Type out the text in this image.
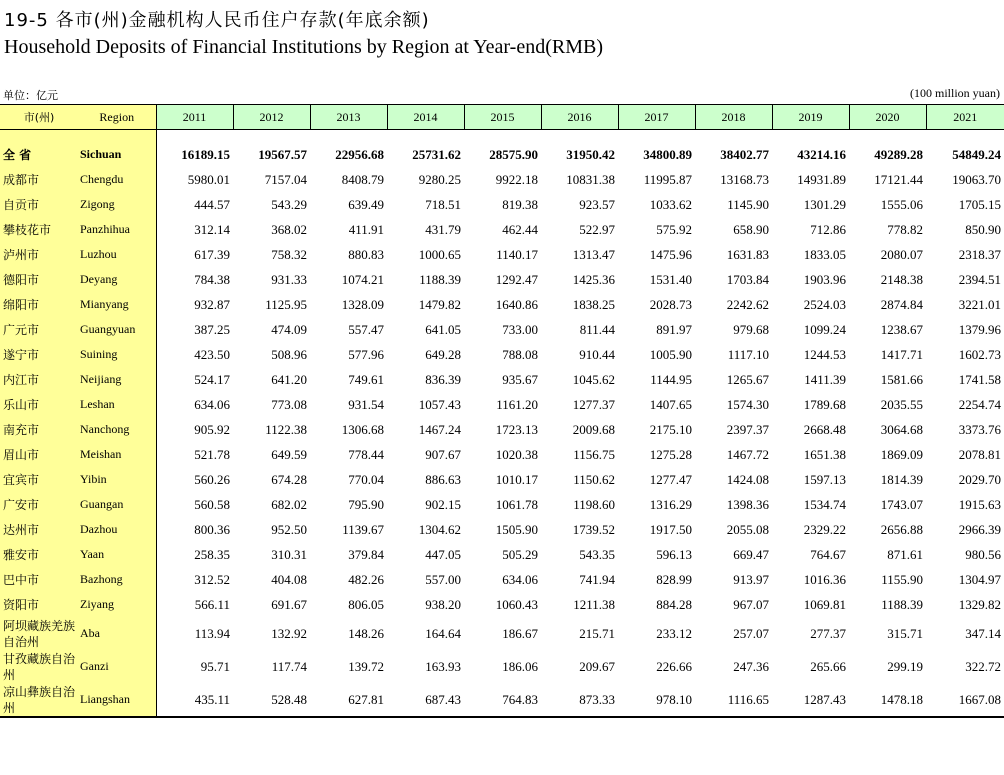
19-5 各市(州)金融机构人民币住户存款(年底余额)
Household Deposits of Financial Institutions by Region at Year-end(RMB)
单位：亿元	(100 million yuan)
市(州)	Region	2011	2012	2013	2014	2015	2016	2017	2018	2019	2020	2021

全 省	Sichuan	16189.15	19567.57	22956.68	25731.62	28575.90	31950.42	34800.89	38402.77	43214.16	49289.28	54849.24
成都市	Chengdu	5980.01	7157.04	8408.79	9280.25	9922.18	10831.38	11995.87	13168.73	14931.89	17121.44	19063.70
自贡市	Zigong	444.57	543.29	639.49	718.51	819.38	923.57	1033.62	1145.90	1301.29	1555.06	1705.15
攀枝花市	Panzhihua	312.14	368.02	411.91	431.79	462.44	522.97	575.92	658.90	712.86	778.82	850.90
泸州市	Luzhou	617.39	758.32	880.83	1000.65	1140.17	1313.47	1475.96	1631.83	1833.05	2080.07	2318.37
德阳市	Deyang	784.38	931.33	1074.21	1188.39	1292.47	1425.36	1531.40	1703.84	1903.96	2148.38	2394.51
绵阳市	Mianyang	932.87	1125.95	1328.09	1479.82	1640.86	1838.25	2028.73	2242.62	2524.03	2874.84	3221.01
广元市	Guangyuan	387.25	474.09	557.47	641.05	733.00	811.44	891.97	979.68	1099.24	1238.67	1379.96
遂宁市	Suining	423.50	508.96	577.96	649.28	788.08	910.44	1005.90	1117.10	1244.53	1417.71	1602.73
内江市	Neijiang	524.17	641.20	749.61	836.39	935.67	1045.62	1144.95	1265.67	1411.39	1581.66	1741.58
乐山市	Leshan	634.06	773.08	931.54	1057.43	1161.20	1277.37	1407.65	1574.30	1789.68	2035.55	2254.74
南充市	Nanchong	905.92	1122.38	1306.68	1467.24	1723.13	2009.68	2175.10	2397.37	2668.48	3064.68	3373.76
眉山市	Meishan	521.78	649.59	778.44	907.67	1020.38	1156.75	1275.28	1467.72	1651.38	1869.09	2078.81
宜宾市	Yibin	560.26	674.28	770.04	886.63	1010.17	1150.62	1277.47	1424.08	1597.13	1814.39	2029.70
广安市	Guangan	560.58	682.02	795.90	902.15	1061.78	1198.60	1316.29	1398.36	1534.74	1743.07	1915.63
达州市	Dazhou	800.36	952.50	1139.67	1304.62	1505.90	1739.52	1917.50	2055.08	2329.22	2656.88	2966.39
雅安市	Yaan	258.35	310.31	379.84	447.05	505.29	543.35	596.13	669.47	764.67	871.61	980.56
巴中市	Bazhong	312.52	404.08	482.26	557.00	634.06	741.94	828.99	913.97	1016.36	1155.90	1304.97
资阳市	Ziyang	566.11	691.67	806.05	938.20	1060.43	1211.38	884.28	967.07	1069.81	1188.39	1329.82
阿坝藏族羌族自治州	Aba	113.94	132.92	148.26	164.64	186.67	215.71	233.12	257.07	277.37	315.71	347.14
甘孜藏族自治州	Ganzi	95.71	117.74	139.72	163.93	186.06	209.67	226.66	247.36	265.66	299.19	322.72
凉山彝族自治州	Liangshan	435.11	528.48	627.81	687.43	764.83	873.33	978.10	1116.65	1287.43	1478.18	1667.08
